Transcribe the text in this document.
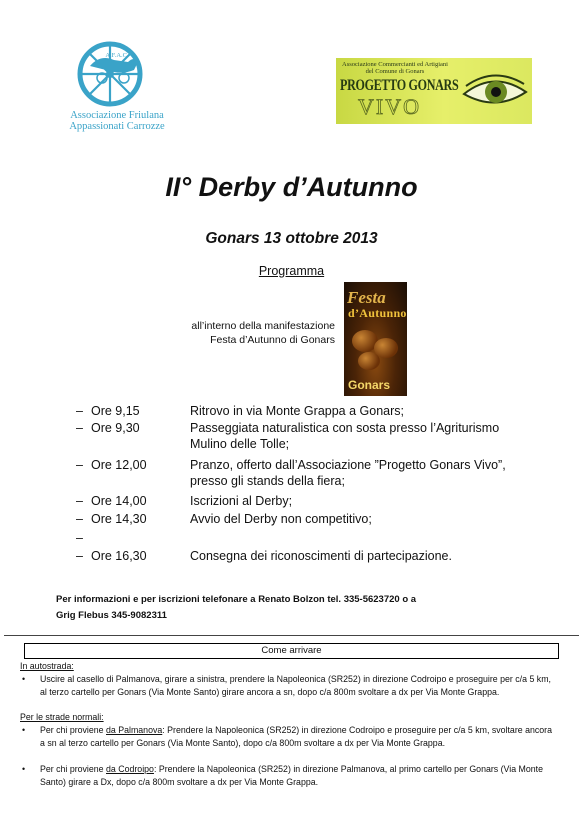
A.F.A.C.
Associazione Friulana
Appassionati Carrozze
Associazione Commercianti ed Artigiani
del Comune di Gonars
PROGETTO GONARS
VIVO
II° Derby d’Autunno
Gonars 13 ottobre 2013
Programma
all’interno della manifestazione
Festa d’Autunno di Gonars
Festa
d’Autunno
Gonars
– Ore 9,15	Ritrovo in via Monte Grappa a Gonars;
– Ore 9,30	Passeggiata naturalistica con sosta presso l’Agriturismo Mulino delle Tolle;
– Ore 12,00	Pranzo, offerto dall’Associazione ”Progetto Gonars Vivo”, presso gli stands della fiera;
– Ore 14,00	Iscrizioni al Derby;
– Ore 14,30	Avvio del Derby non competitivo;
–
– Ore 16,30	Consegna dei riconoscimenti di partecipazione.
Per informazioni e per iscrizioni telefonare a Renato Bolzon tel. 335-5623720 o a
Grig Flebus 345-9082311
Come arrivare
In autostrada:
• Uscire al casello di Palmanova, girare a sinistra, prendere la Napoleonica (SR252) in direzione Codroipo e proseguire per c/a 5 km, al terzo cartello per Gonars (Via Monte Santo) girare ancora a sn, dopo c/a 800m svoltare a dx per Via Monte Grappa.
Per le strade normali:
• Per chi proviene da Palmanova: Prendere la Napoleonica (SR252) in direzione Codroipo e proseguire per c/a 5 km, svoltare ancora a sn al terzo cartello per Gonars (Via Monte Santo), dopo c/a 800m svoltare a dx per Via Monte Grappa.
• Per chi proviene da Codroipo: Prendere la Napoleonica (SR252) in direzione Palmanova, al primo cartello per Gonars (Via Monte Santo) girare a Dx, dopo c/a 800m svoltare a dx per Via Monte Grappa.
